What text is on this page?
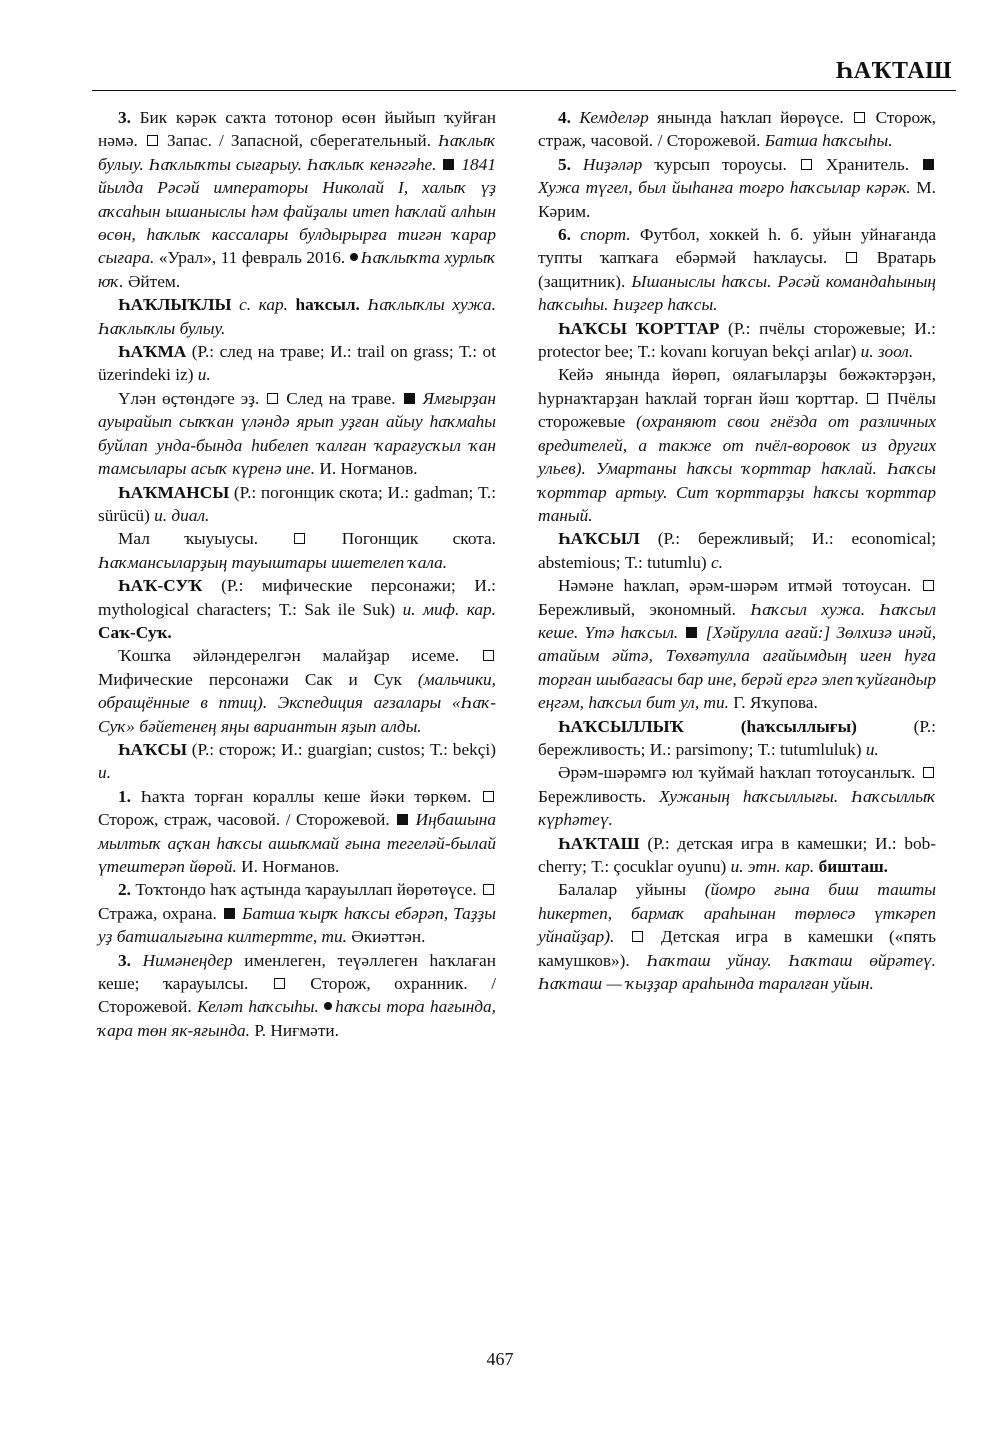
ҺАҠТАШ

3. Бик кәрәк саҡта тотонор өсөн йыйып ҡуйған нәмә.  Запас. / Запасной, сберегательный. Һаҡлыҡ булыу. Һаҡлыҡты сығарыу. Һаҡлыҡ кенәгәһе.  1841 йылда Рәсәй императоры Николай I, халыҡ үҙ аҡсаһын ышаныслы һәм файҙалы итеп һаҡлай алһын өсөн, һаҡлыҡ кассалары булдырырға тигән ҡарар сығара. «Урал», 11 февраль 2016. Һаҡлыҡта хурлыҡ юҡ. Әйтем.

ҺАҠЛЫҠЛЫ с. кар. һаҡсыл. Һаҡлыҡлы хужа. Һаҡлыҡлы булыу.

ҺАҠМА (Р.: след на траве; И.: trail on grass; Т.: ot üzerindeki iz) и.

Үлән өҫтөндәге эҙ.  След на траве.  Ямғырҙан ауырайып сыҡҡан үләндә ярып уҙған айыу һаҡмаһы буйлап унда-бында һибелеп ҡалған ҡарағусҡыл ҡан тамсылары асыҡ күренә ине. И. Ноғманов.

ҺАҠМАНСЫ (Р.: погонщик скота; И.: gadman; Т.: sürücü) и. диал.

Мал ҡыуыусы.	Погонщик скота. Һаҡмансыларҙың тауыштары ишетелеп ҡала.

ҺАҠ-СУҠ (Р.: мифические персонажи; И.: mythological characters; Т.: Sak ile Suk) и. миф. кар. Саҡ-Суҡ.

Ҡошҡа әйләндерелгән малайҙар исеме.  Мифические персонажи Сак и Сук (мальчики, обращённые в птиц). Экспедиция ағзалары «Һаҡ-Суҡ» бәйетенең яңы вариантын яҙып алды.

ҺАҠСЫ (Р.: сторож; И.: guargian; custos; Т.: bekçi) и.

1. Һаҡта торған кораллы кеше йәки төркөм.  Сторож, страж, часовой. / Сторожевой.  Иңбашына мылтыҡ аҫҡан һаҡсы ашыҡмай ғына тегеләй-былай үтештерәп йөрөй. И. Ноғманов.

2. Тоҡтондо һаҡ аҫтында ҡарауыллап йөрөтөүсе.  Стража, охрана.  Батша ҡырҡ һаҡсы ебәрәп, Таҙҙы уҙ батшалығына килтертте, ти. Әкиәттән.

3. Нимәнеңдер именлеген, теүәллеген һаҡлаған кеше; ҡарауылсы.  Сторож, охранник. / Сторожевой. Келәт һаҡсыһы. һаҡсы тора һағында, ҡара төн як-яғында. Р. Ниғмәти.

4. Кемделәр янында һаҡлап йөрөүсе.  Сторож, страж, часовой. / Сторожевой. Батша һаҡсыһы.

5. Ниҙәләр ҡурсып тороусы.  Хранитель.  Хужа түгел, был йыһанға тоғро һаҡсылар кәрәк. М. Кәрим.

6. спорт. Футбол, хоккей һ. б. уйын уйнағанда тупты ҡапҡаға ебәрмәй һаҡлаусы.  Вратарь (защитник). Ышаныслы һаҡсы. Рәсәй командаһының һаҡсыһы. Һиҙгер һаҡсы.

ҺАҠСЫ ҠОРТТАР (Р.: пчёлы сторожевые; И.: protector bee; Т.: kovanı koruyan bekçi arılar) и. зоол.

Кейә янында йөрөп, оялағыларҙы бөжәктәрҙән, һурнаҡтарҙан һаҡлай торған йәш ҡорттар.  Пчёлы сторожевые (охраняют свои гнёзда от различных вредителей, а также от пчёл-воровок из других ульев). Умартаны һаҡсы ҡорттар һаҡлай. Һаҡсы ҡорттар артыу. Сит ҡорттарҙы һаҡсы ҡорттар таный.

ҺАҠСЫЛ (Р.: бережливый; И.: economical; abstemious; Т.: tutumlu) с.

Нәмәне һаҡлап, әрәм-шәрәм итмәй тотоусан.  Бережливый, экономный. Һаҡсыл хужа. Һаҡсыл кеше. Үтә һаҡсыл.  [Хәйрулла ағай:] Зөлхизә инәй, атайым әйтә, Төхвәтулла ағайымдың иген һуға торған шыбағасы бар ине, берәй ергә элеп ҡуйғандыр еңгәм, һаҡсыл бит ул, ти. Г. Яҡупова.

ҺАҠСЫЛЛЫҠ (һаҡсыллығы) (Р.: бережливость; И.: parsimony; Т.: tutumluluk) и.

Әрәм-шәрәмгә юл ҡуймай һаҡлап тотоусанлыҡ.  Бережливость. Хужаның һаҡсыллығы. Һаҡсыллыҡ күрһәтеү.

ҺАҠТАШ (Р.: детская игра в камешки; И.: bob-cherry; Т.: çocuklar oyunu) и. этн. кар. бишташ.

Балалар уйыны (йомро ғына биш ташты һикертеп, бармаҡ араһынан төрлөсә үткәреп уйнайҙар).  Детская игра в камешки («пять камушков»). Һаҡташ уйнау. Һаҡташ өйрәтеү. Һаҡташ — ҡыҙҙар араһында таралған уйын.

467
